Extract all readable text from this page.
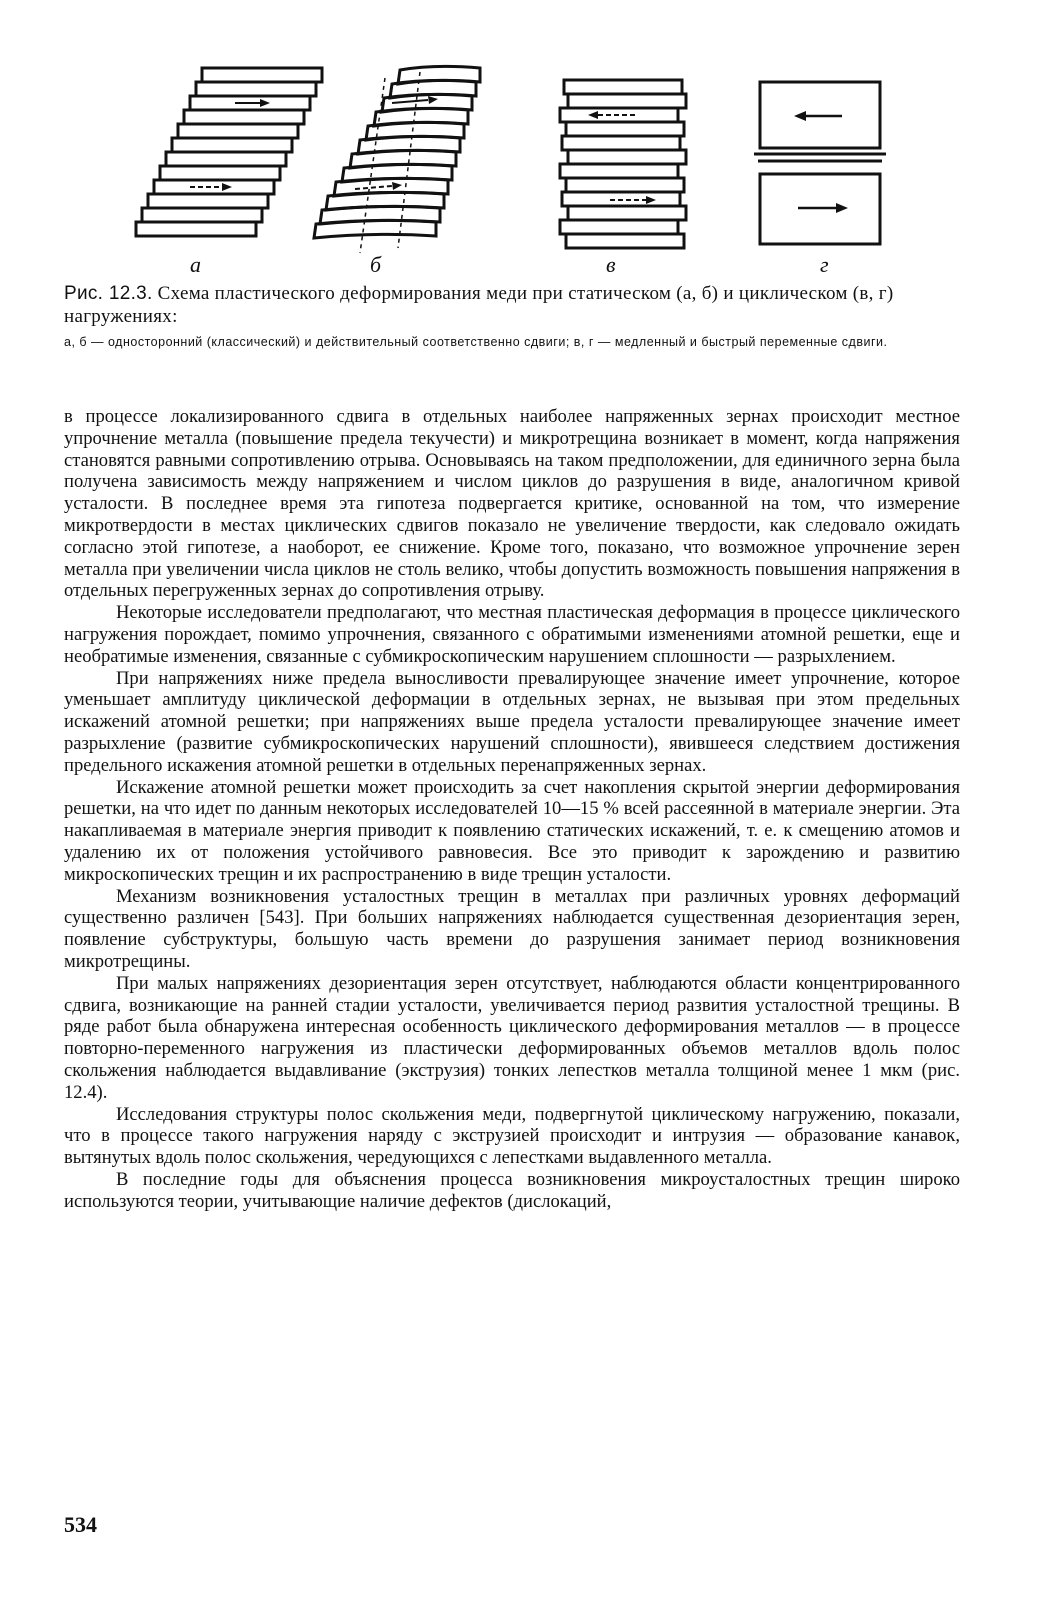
а	б	в	г
Рис. 12.3. Схема пластического деформирования меди при статическом (а, б) и циклическом (в, г) нагружениях:
а, б — односторонний (классический) и действительный соответственно сдвиги; в, г — медленный и быстрый переменные сдвиги.

в процессе локализированного сдвига в отдельных наиболее напряженных зернах происходит местное упрочнение металла (повышение предела текучести) и микротрещина возникает в момент, когда напряжения становятся равными сопротивлению отрыва. Основываясь на таком предположении, для единичного зерна была получена зависимость между напряжением и числом циклов до разрушения в виде, аналогичном кривой усталости. В последнее время эта гипотеза подвергается критике, основанной на том, что измерение микротвердости в местах циклических сдвигов показало не увеличение твердости, как следовало ожидать согласно этой гипотезе, а наоборот, ее снижение. Кроме того, показано, что возможное упрочнение зерен металла при увеличении числа циклов не столь велико, чтобы допустить возможность повышения напряжения в отдельных перегруженных зернах до сопротивления отрыву.

Некоторые исследователи предполагают, что местная пластическая деформация в процессе циклического нагружения порождает, помимо упрочнения, связанного с обратимыми изменениями атомной решетки, еще и необратимые изменения, связанные с субмикроскопическим нарушением сплошности — разрыхлением.

При напряжениях ниже предела выносливости превалирующее значение имеет упрочнение, которое уменьшает амплитуду циклической деформации в отдельных зернах, не вызывая при этом предельных искажений атомной решетки; при напряжениях выше предела усталости превалирующее значение имеет разрыхление (развитие субмикроскопических нарушений сплошности), явившееся следствием достижения предельного искажения атомной решетки в отдельных перенапряженных зернах.

Искажение атомной решетки может происходить за счет накопления скрытой энергии деформирования решетки, на что идет по данным некоторых исследователей 10—15 % всей рассеянной в материале энергии. Эта накапливаемая в материале энергия приводит к появлению статических искажений, т. е. к смещению атомов и удалению их от положения устойчивого равновесия. Все это приводит к зарождению и развитию микроскопических трещин и их распространению в виде трещин усталости.

Механизм возникновения усталостных трещин в металлах при различных уровнях деформаций существенно различен [543]. При больших напряжениях наблюдается существенная дезориентация зерен, появление субструктуры, большую часть времени до разрушения занимает период возникновения микротрещины.

При малых напряжениях дезориентация зерен отсутствует, наблюдаются области концентрированного сдвига, возникающие на ранней стадии усталости, увеличивается период развития усталостной трещины. В ряде работ была обнаружена интересная особенность циклического деформирования металлов — в процессе повторно-переменного нагружения из пластически деформированных объемов металлов вдоль полос скольжения наблюдается выдавливание (экструзия) тонких лепестков металла толщиной менее 1 мкм (рис. 12.4).

Исследования структуры полос скольжения меди, подвергнутой циклическому нагружению, показали, что в процессе такого нагружения наряду с экструзией происходит и интрузия — образование канавок, вытянутых вдоль полос скольжения, чередующихся с лепестками выдавленного металла.

В последние годы для объяснения процесса возникновения микроусталостных трещин широко используются теории, учитывающие наличие дефектов (дислокаций,

534
